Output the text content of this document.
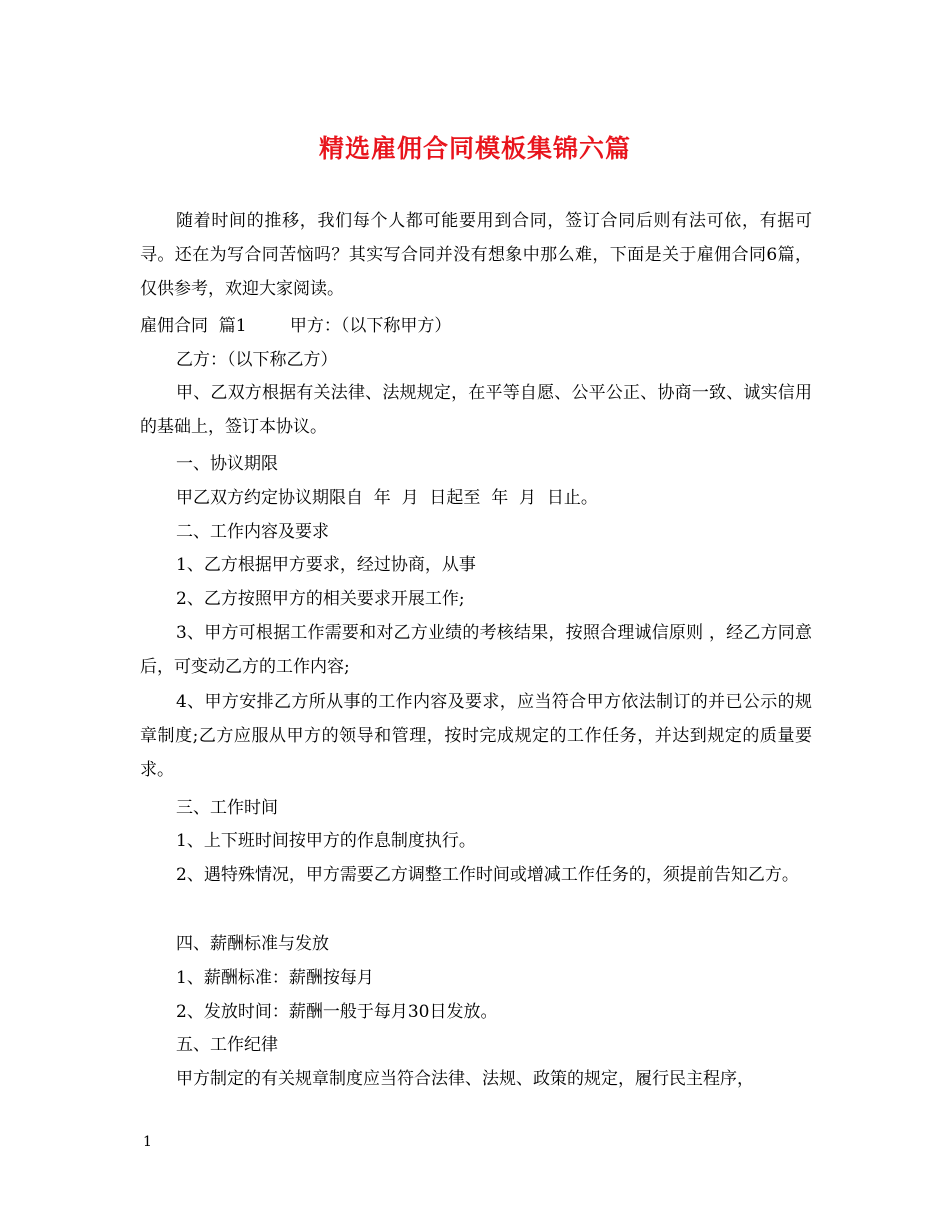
精选雇佣合同模板集锦六篇
随着时间的推移，我们每个人都可能要用到合同，签订合同后则有法可依，有据可寻。还在为写合同苦恼吗？其实写合同并没有想象中那么难，下面是关于雇佣合同6篇，仅供参考，欢迎大家阅读。
雇佣合同  篇1        甲方：（以下称甲方）
乙方：（以下称乙方）
甲、乙双方根据有关法律、法规规定，在平等自愿、公平公正、协商一致、诚实信用的基础上，签订本协议。
一、协议期限
甲乙双方约定协议期限自  年  月  日起至  年  月  日止。
二、工作内容及要求
1、乙方根据甲方要求，经过协商，从事
2、乙方按照甲方的相关要求开展工作;
3、甲方可根据工作需要和对乙方业绩的考核结果，按照合理诚信原则 ，经乙方同意后，可变动乙方的工作内容;
4、甲方安排乙方所从事的工作内容及要求，应当符合甲方依法制订的并已公示的规章制度;乙方应服从甲方的领导和管理，按时完成规定的工作任务，并达到规定的质量要求。
三、工作时间
1、上下班时间按甲方的作息制度执行。
2、遇特殊情况，甲方需要乙方调整工作时间或增减工作任务的，须提前告知乙方。
四、薪酬标准与发放
1、薪酬标准：薪酬按每月
2、发放时间：薪酬一般于每月30日发放。
五、工作纪律
甲方制定的有关规章制度应当符合法律、法规、政策的规定，履行民主程序，
1
